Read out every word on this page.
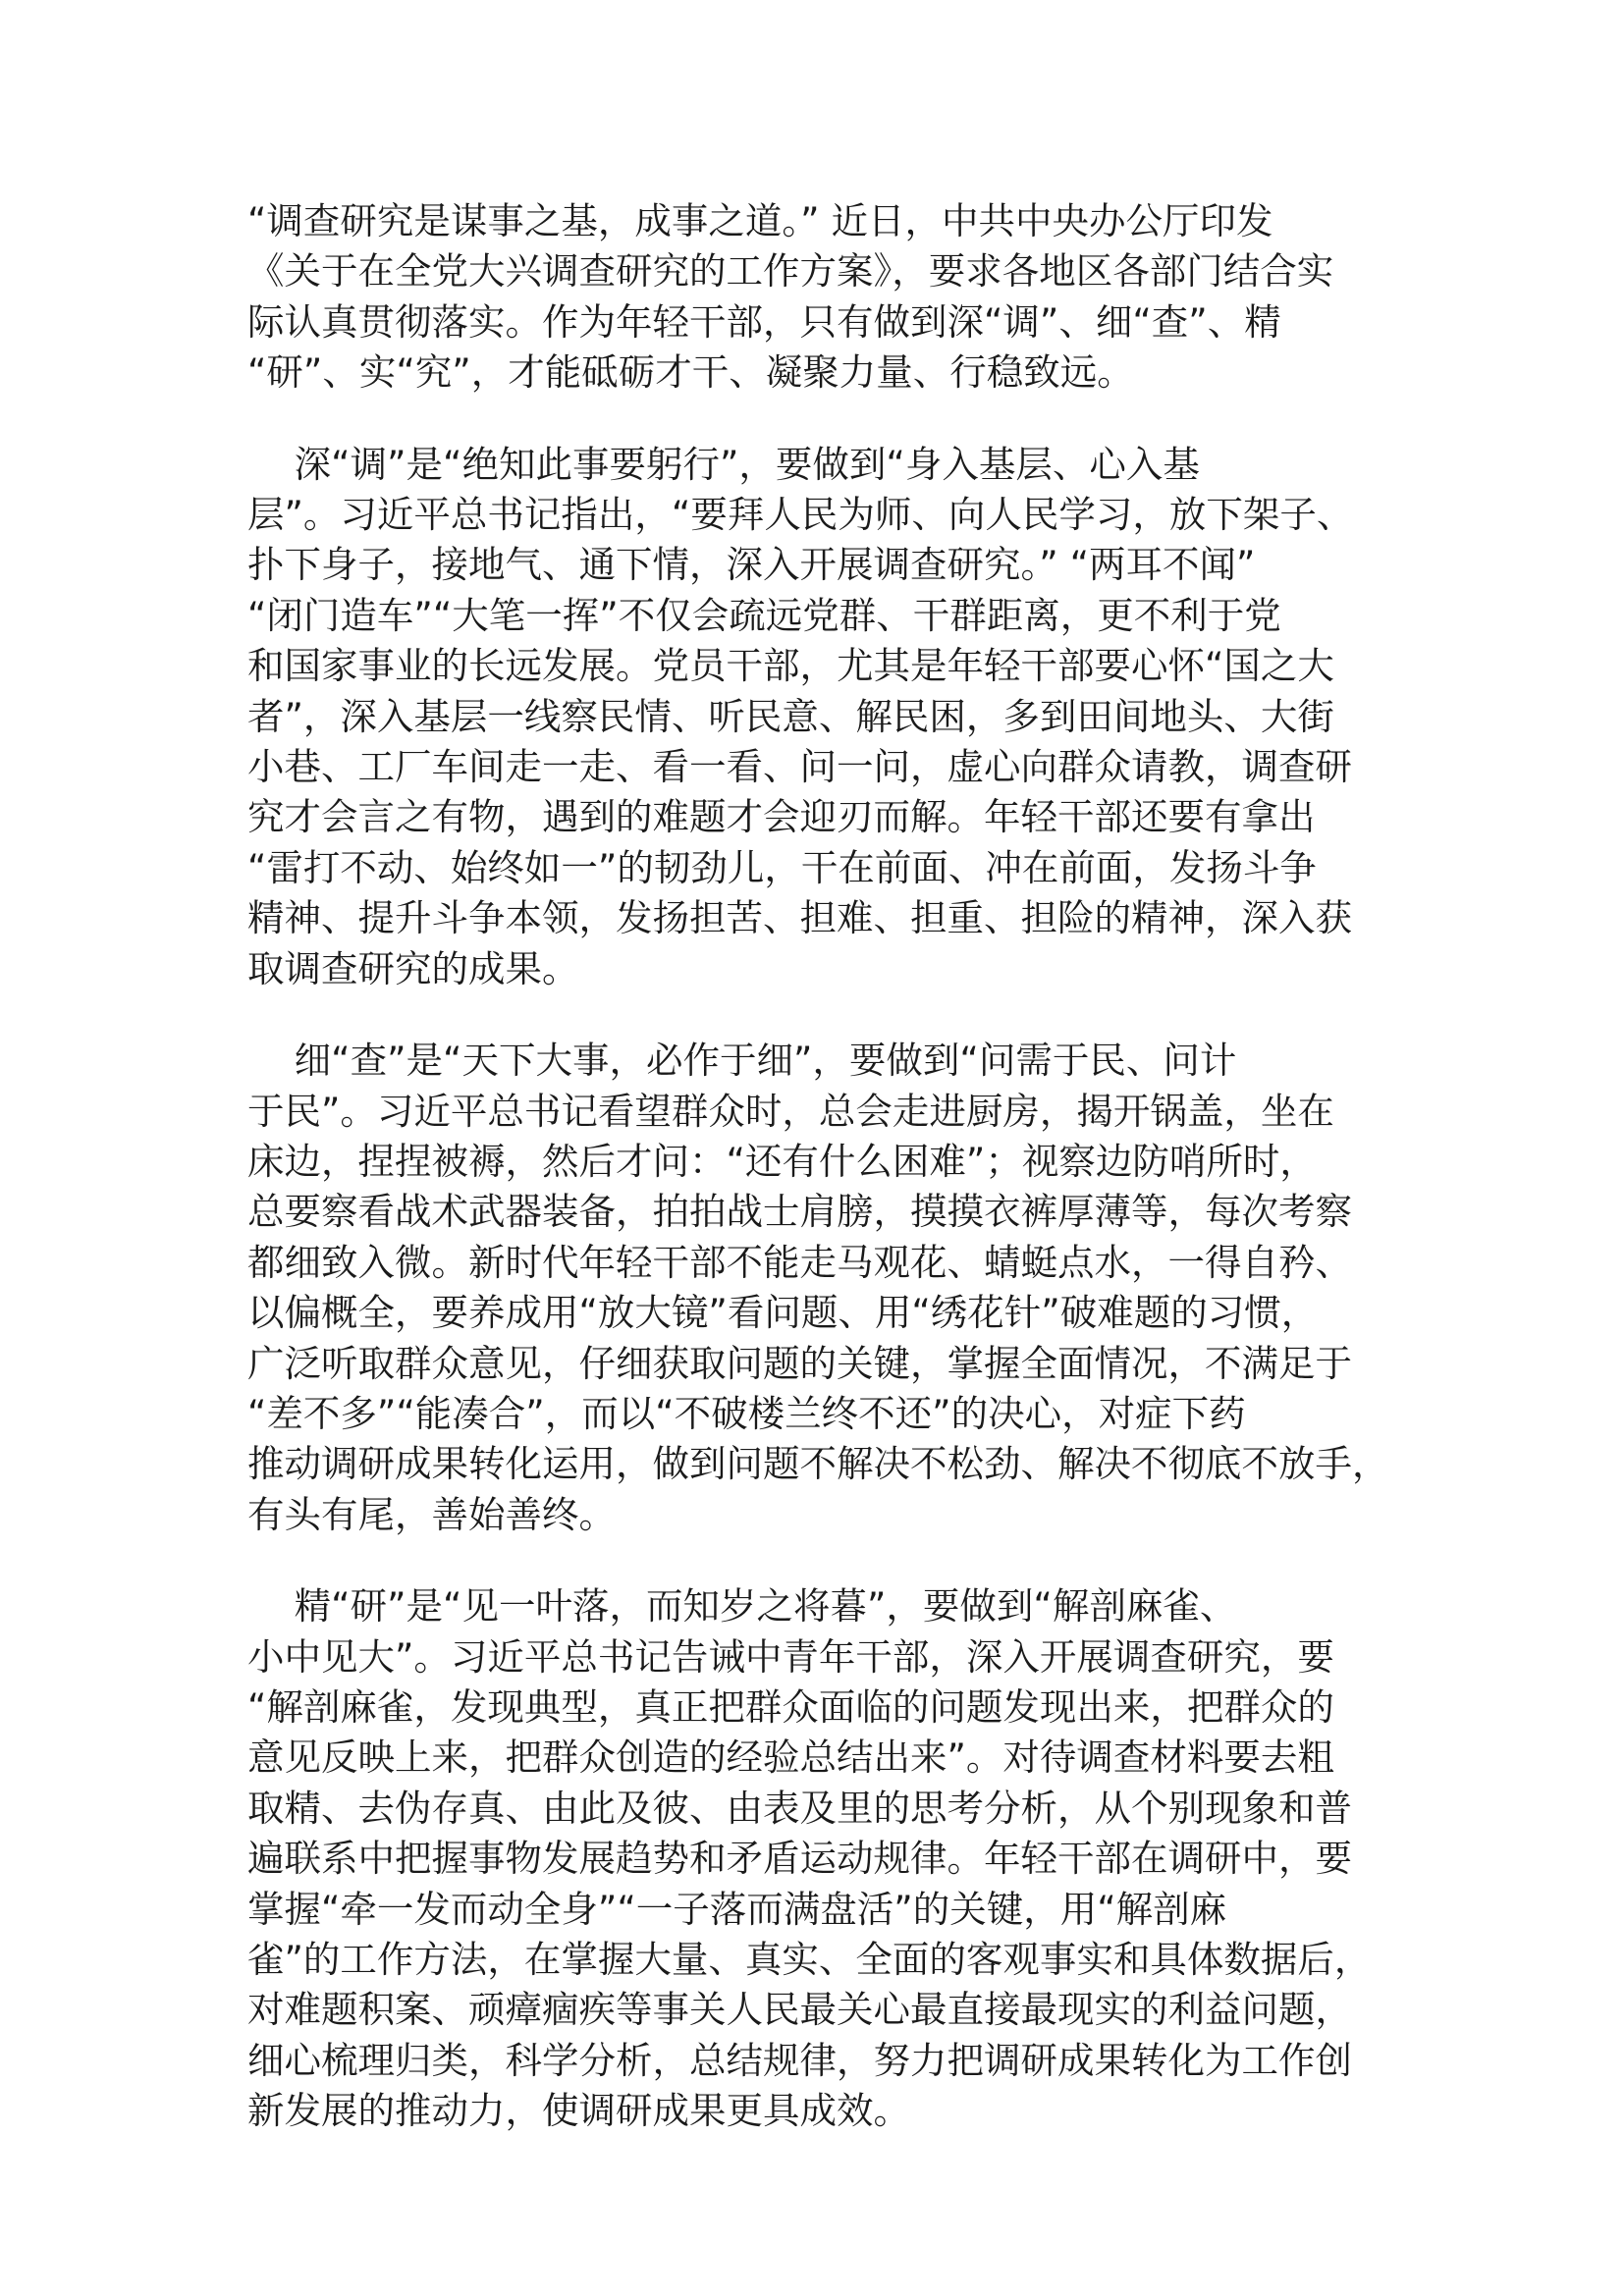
“调查研究是谋事之基，成事之道。” 近日，中共中央办公厅印发
《关于在全党大兴调查研究的工作方案》，要求各地区各部门结合实
际认真贯彻落实。作为年轻干部，只有做到深“调”、细“查”、精
“研”、实“究”，才能砥砺才干、凝聚力量、行稳致远。
深“调”是“绝知此事要躬行”，要做到“身入基层、心入基
层”。习近平总书记指出，“要拜人民为师、向人民学习，放下架子、
扑下身子，接地气、通下情，深入开展调查研究。” “两耳不闻”
“闭门造车”“大笔一挥”不仅会疏远党群、干群距离，更不利于党
和国家事业的长远发展。党员干部，尤其是年轻干部要心怀“国之大
者”，深入基层一线察民情、听民意、解民困，多到田间地头、大街
小巷、工厂车间走一走、看一看、问一问，虚心向群众请教，调查研
究才会言之有物，遇到的难题才会迎刃而解。年轻干部还要有拿出
“雷打不动、始终如一”的韧劲儿，干在前面、冲在前面，发扬斗争
精神、提升斗争本领，发扬担苦、担难、担重、担险的精神，深入获
取调查研究的成果。
细“查”是“天下大事，必作于细”，要做到“问需于民、问计
于民”。习近平总书记看望群众时，总会走进厨房，揭开锅盖，坐在
床边，捏捏被褥，然后才问：“还有什么困难”；视察边防哨所时，
总要察看战术武器装备，拍拍战士肩膀，摸摸衣裤厚薄等，每次考察
都细致入微。新时代年轻干部不能走马观花、蜻蜓点水，一得自矜、
以偏概全，要养成用“放大镜”看问题、用“绣花针”破难题的习惯，
广泛听取群众意见，仔细获取问题的关键，掌握全面情况，不满足于
“差不多”“能凑合”，而以“不破楼兰终不还”的决心，对症下药
推动调研成果转化运用，做到问题不解决不松劲、解决不彻底不放手，
有头有尾，善始善终。
精“研”是“见一叶落，而知岁之将暮”，要做到“解剖麻雀、
小中见大”。习近平总书记告诫中青年干部，深入开展调查研究，要
“解剖麻雀，发现典型，真正把群众面临的问题发现出来，把群众的
意见反映上来，把群众创造的经验总结出来”。对待调查材料要去粗
取精、去伪存真、由此及彼、由表及里的思考分析，从个别现象和普
遍联系中把握事物发展趋势和矛盾运动规律。年轻干部在调研中，要
掌握“牵一发而动全身”“一子落而满盘活”的关键，用“解剖麻
雀”的工作方法，在掌握大量、真实、全面的客观事实和具体数据后，
对难题积案、顽瘴痼疾等事关人民最关心最直接最现实的利益问题，
细心梳理归类，科学分析，总结规律，努力把调研成果转化为工作创
新发展的推动力，使调研成果更具成效。
